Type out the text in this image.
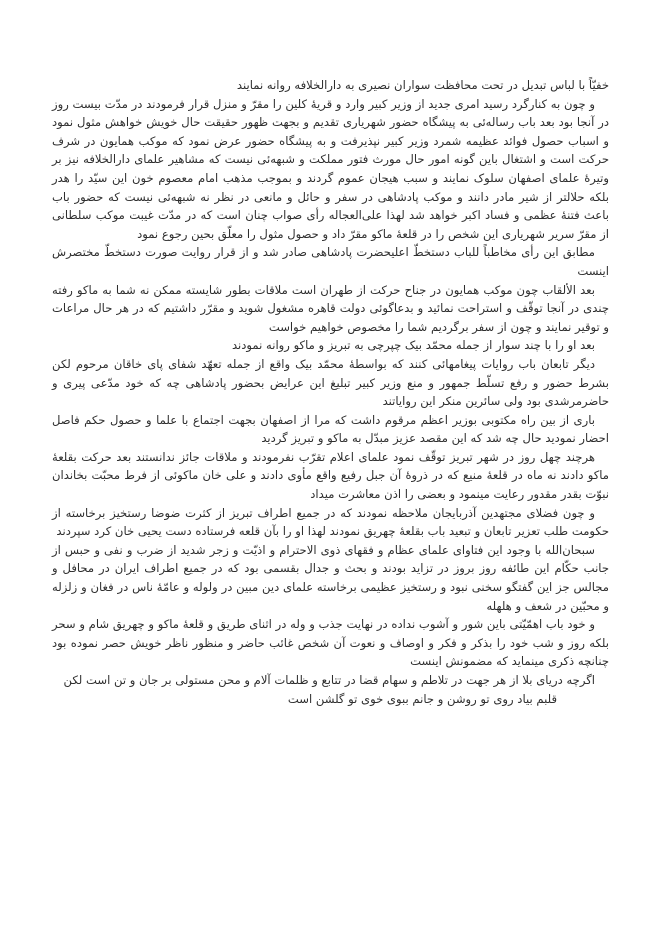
خفیّاً با لباس تبدیل در تحت محافظت سواران نصیری به دارالخلافه روانه نمایند

و چون به کنارگرد رسید امری جدید از وزیر کبیر وارد و قریهٔ کلین را مقرّ و منزل قرار فرمودند در مدّت بیست روز در آنجا بود بعد باب رساله‌ئی به پیشگاه حضور شهریاری تقدیم و بجهت ظهور حقیقت حال خویش خواهش مثول نمود و اسباب حصول فوائد عظیمه شمرد وزیر کبیر نپذیرفت و به پیشگاه حضور عرض نمود که موکب همایون در شرف حرکت است و اشتغال باین گونه امور حال مورث فتور مملکت و شبهه‌ئی نیست که مشاهیر علمای دارالخلافه نیز بر وتیرهٔ علمای اصفهان سلوک نمایند و سبب هیجان عموم گردند و بموجب مذهب امام معصوم خون این سیّد را هدر بلکه حلالتر از شیر مادر دانند و موکب پادشاهی در سفر و حائل و مانعی در نظر نه شبهه‌ئی نیست که حضور باب باعث فتنهٔ عظمی و فساد اکبر خواهد شد لهذا علی‌العجاله رأی صواب چنان است که در مدّت غیبت موکب سلطانی از مقرّ سریر شهریاری این شخص را در قلعهٔ ماکو مقرّ داد و حصول مثول را معلّق بحین رجوع نمود

مطابق این رأی مخاطباً للباب دستخطّ اعلیحضرت پادشاهی صادر شد و از قرار روایت صورت دستخطّ مختصرش اینست

بعد الألقاب چون موکب همایون در جناح حرکت از طهران است ملاقات بطور شایسته ممکن نه شما به ماکو رفته چندی در آنجا توقّف و استراحت نمائید و بدعاگوئی دولت قاهره مشغول شوید و مقرّر داشتیم که در هر حال مراعات و توقیر نمایند و چون از سفر برگردیم شما را مخصوص خواهیم خواست

بعد او را با چند سوار از جمله محمّد بیک چپرچی به تبریز و ماکو روانه نمودند

دیگر تابعان باب روایات پیغامهائی کنند که بواسطهٔ محمّد بیک واقع از جمله تعهّد شفای پای خاقان مرحوم لکن بشرط حضور و رفع تسلّط جمهور و منع وزیر کبیر تبلیغ این عرایض بحضور پادشاهی چه که خود مدّعی پیری و حاضرمرشدی بود ولی سائرین منکر این روایاتند

باری از بین راه مکتوبی بوزیر اعظم مرقوم داشت که مرا از اصفهان بجهت اجتماع با علما و حصول حکم فاصل احضار نمودید حال چه شد که این مقصد عزیز مبدّل به ماکو و تبریز گردید

هرچند چهل روز در شهر تبریز توقّف نمود علمای اعلام تقرّب نفرمودند و ملاقات جائز ندانستند بعد حرکت بقلعهٔ ماکو دادند نه ماه در قلعهٔ منیع که در ذروهٔ آن جبل رفیع واقع مأوی دادند و علی خان ماکوئی از فرط محبّت بخاندان نبوّت بقدر مقدور رعایت مینمود و بعضی را اذن معاشرت میداد

و چون فضلای مجتهدین آذربایجان ملاحظه نمودند که در جمیع اطراف تبریز از کثرت ضوضا رستخیز برخاسته از حکومت طلب تعزیر تابعان و تبعید باب بقلعهٔ چهریق نمودند لهذا او را بآن قلعه فرستاده دست یحیی خان کرد سپردند

سبحان‌الله با وجود این فتاوای علمای عظام و فقهای ذوی الاحترام و اذیّت و زجر شدید از ضرب و نفی و حبس از جانب حکّام این طائفه روز بروز در تزاید بودند و بحث و جدال بقسمی بود که در جمیع اطراف ایران در محافل و مجالس جز این گفتگو سخنی نبود و رستخیز عظیمی برخاسته علمای دین مبین در ولوله و عامّهٔ ناس در فغان و زلزله و محبّین در شعف و هلهله

و خود باب اهمّیّتی باین شور و آشوب نداده در نهایت جذب و وله در اثنای طریق و قلعهٔ ماکو و چهریق شام و سحر بلکه روز و شب خود را بذکر و فکر و اوصاف و نعوت آن شخص غائب حاضر و منظور ناظر خویش حصر نموده بود چنانچه ذکری مینماید که مضمونش اینست

اگرچه دریای بلا از هر جهت در تلاطم و سهام قضا در تتابع و ظلمات آلام و محن مستولی بر جان و تن است لکن

قلبم بیاد روی تو روشن و جانم ببوی خوی تو گلشن است
